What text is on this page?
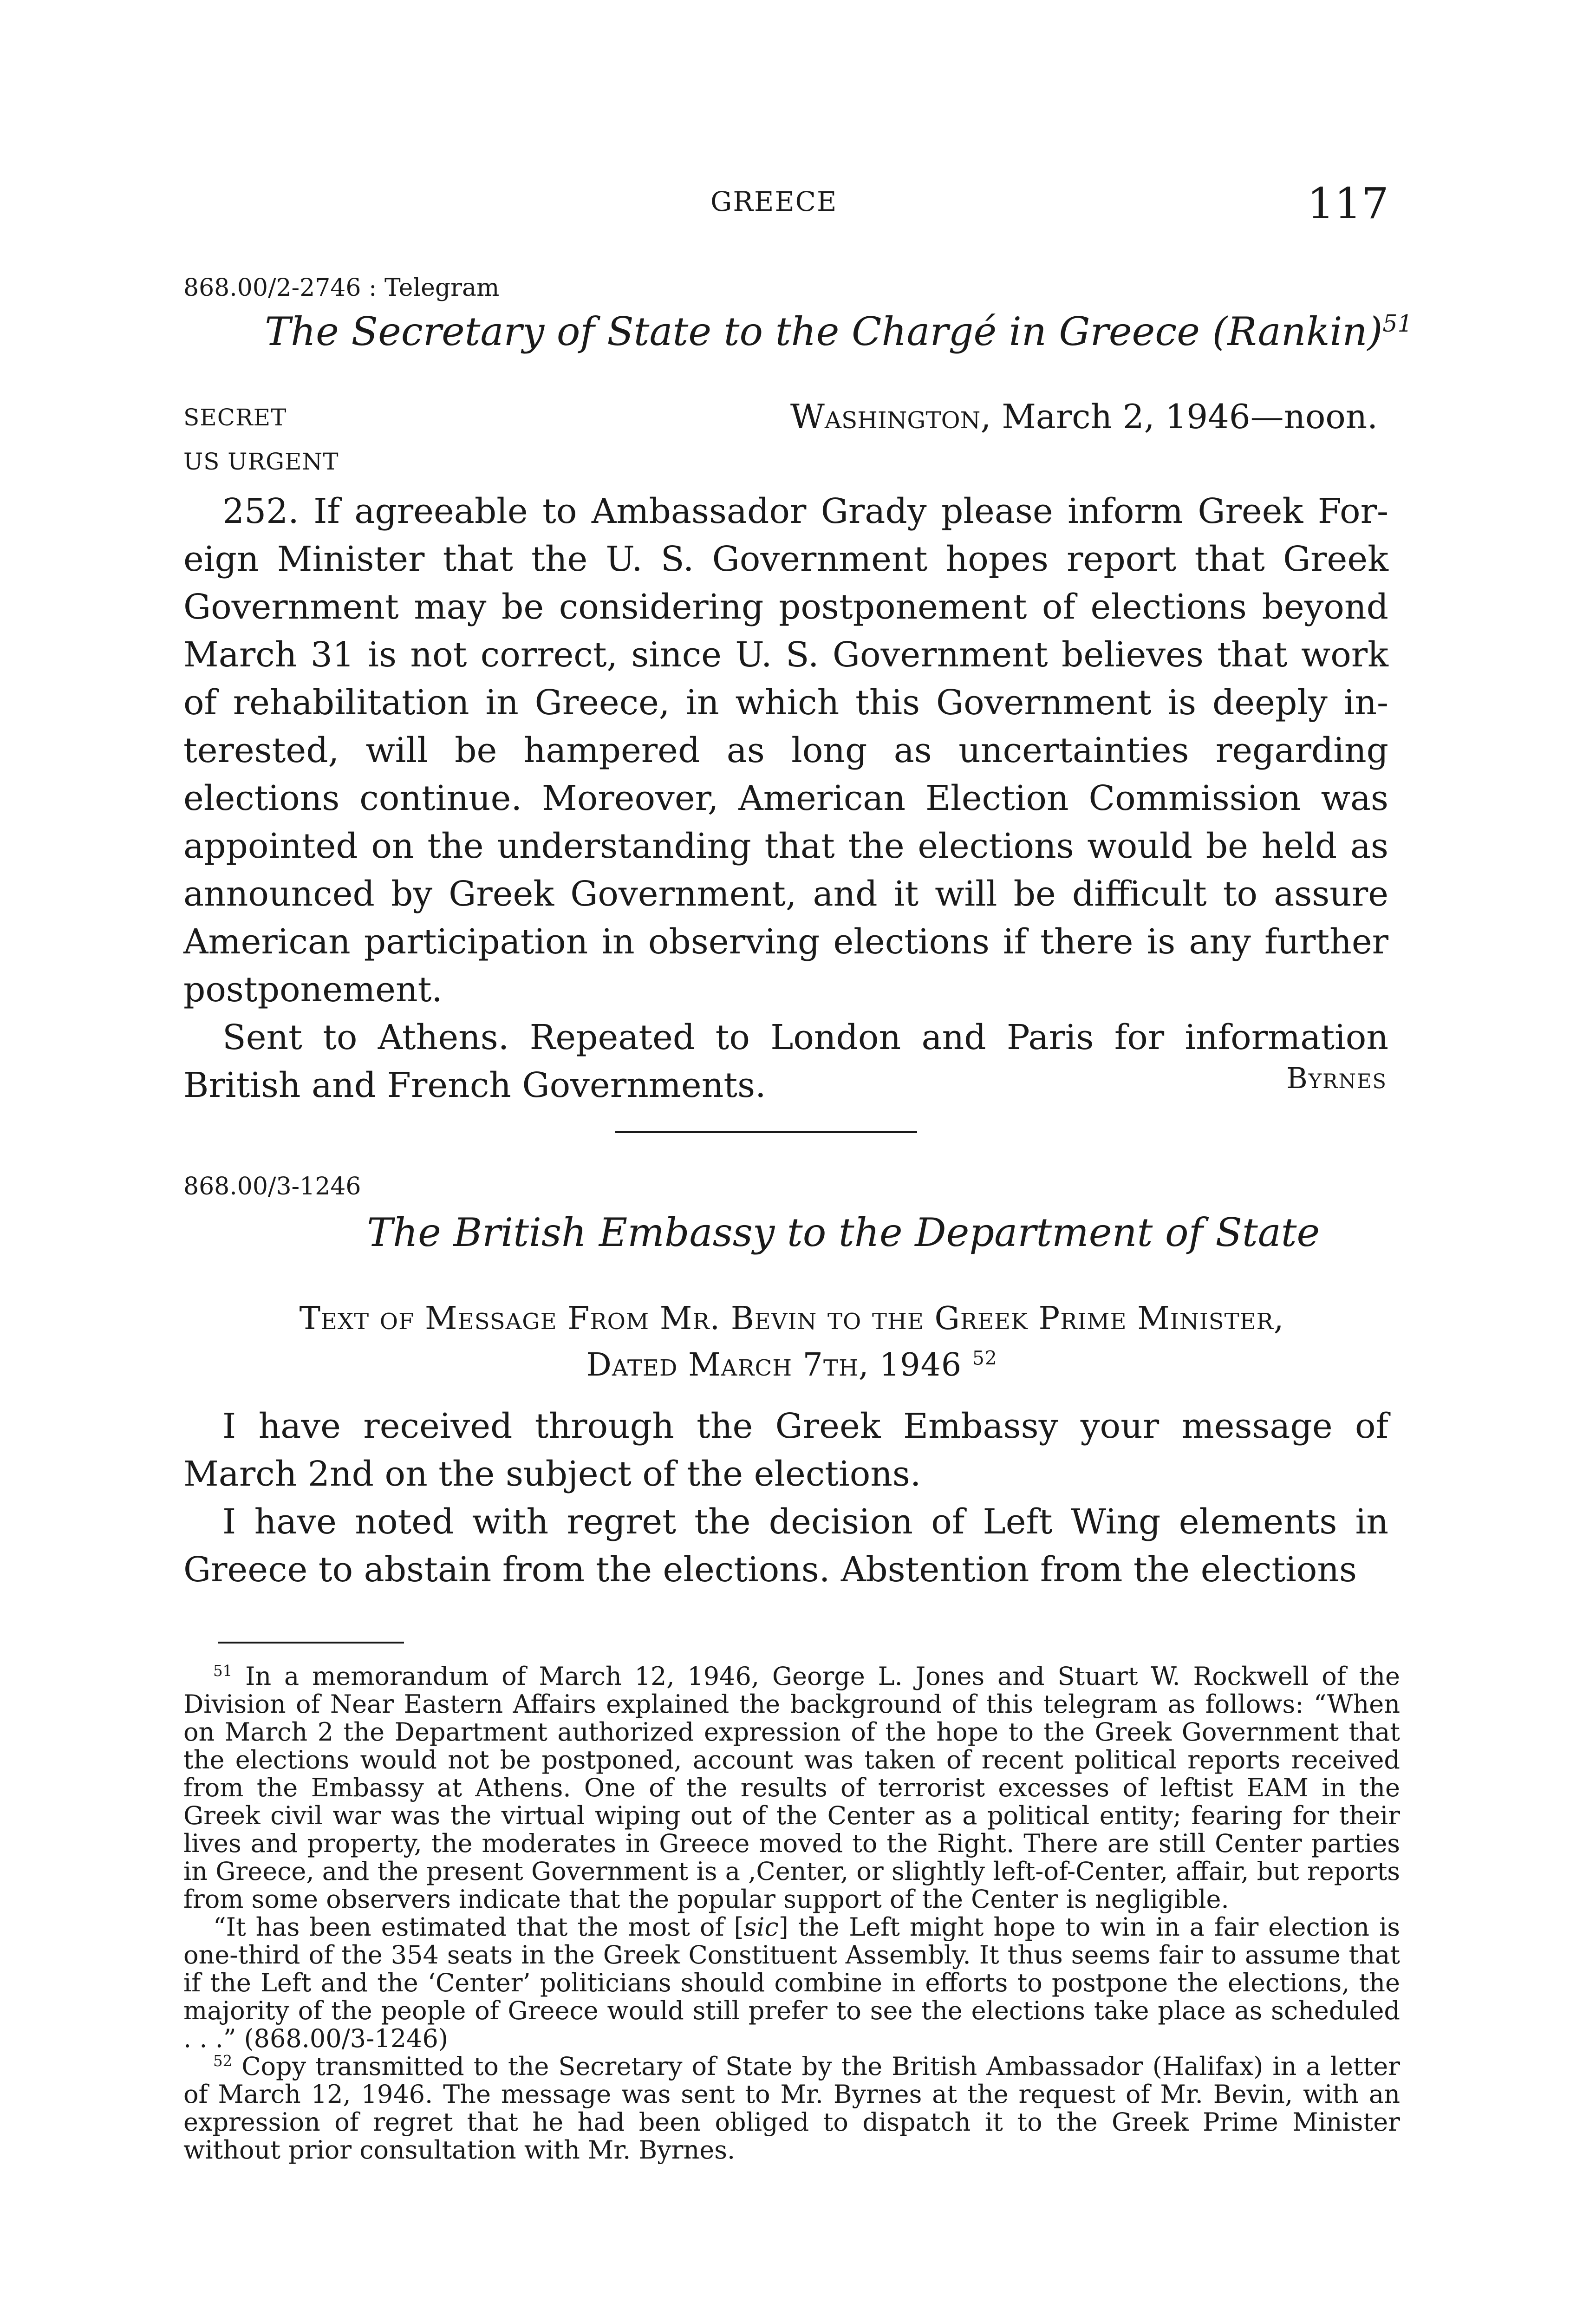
GREECE	117
868.00/2-2746 : Telegram
The Secretary of State to the Chargé in Greece (Rankin)$^{51}$
SECRET	Washington, March 2, 1946—noon.
US URGENT

252. If agreeable to Ambassador Grady please inform Greek Foreign Minister that the U. S. Government hopes report that Greek Government may be considering postponement of elections beyond March 31 is not correct, since U. S. Government believes that work of rehabilitation in Greece, in which this Government is deeply interested, will be hampered as long as uncertainties regarding elections continue. Moreover, American Election Commission was appointed on the understanding that the elections would be held as announced by Greek Government, and it will be difficult to assure American participation in observing elections if there is any further postponement.

Sent to Athens. Repeated to London and Paris for information British and French Governments.	Byrnes
868.00/3-1246
The British Embassy to the Department of State
Text of Message From Mr. Bevin to the Greek Prime Minister,
Dated March 7th, 1946 $^{52}$

I have received through the Greek Embassy your message of March 2nd on the subject of the elections.

I have noted with regret the decision of Left Wing elements in Greece to abstain from the elections. Abstention from the elections

$^{51}$ In a memorandum of March 12, 1946, George L. Jones and Stuart W. Rockwell of the Division of Near Eastern Affairs explained the background of this telegram as follows: “When on March 2 the Department authorized expression of the hope to the Greek Government that the elections would not be postponed, account was taken of recent political reports received from the Embassy at Athens. One of the results of terrorist excesses of leftist EAM in the Greek civil war was the virtual wiping out of the Center as a political entity; fearing for their lives and property, the moderates in Greece moved to the Right. There are still Center parties in Greece, and the present Government is a ,Center, or slightly left-of-Center, affair, but reports from some observers indicate that the popular support of the Center is negligible.

“It has been estimated that the most of [sic] the Left might hope to win in a fair election is one-third of the 354 seats in the Greek Constituent Assembly. It thus seems fair to assume that if the Left and the ‘Center’ politicians should combine in efforts to postpone the elections, the majority of the people of Greece would still prefer to see the elections take place as scheduled . . .” (868.00/3-1246)

$^{52}$ Copy transmitted to the Secretary of State by the British Ambassador (Halifax) in a letter of March 12, 1946. The message was sent to Mr. Byrnes at the request of Mr. Bevin, with an expression of regret that he had been obliged to dispatch it to the Greek Prime Minister without prior consultation with Mr. Byrnes.
